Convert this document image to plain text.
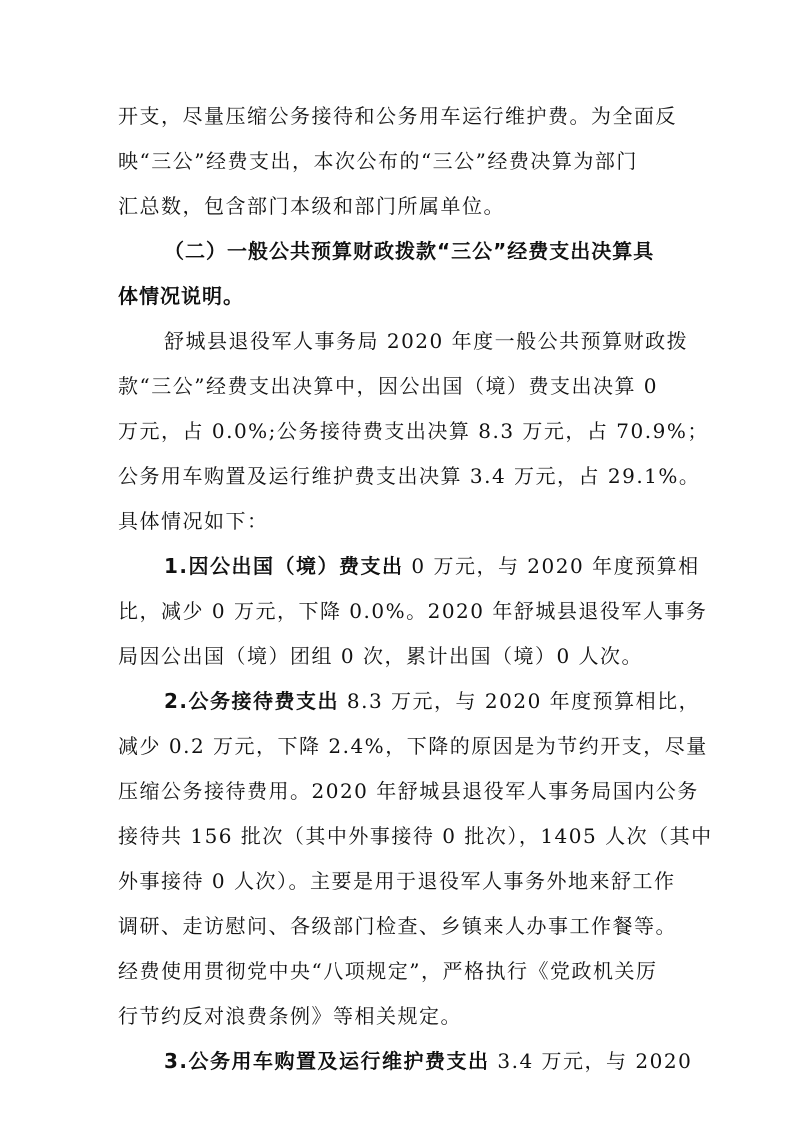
开支，尽量压缩公务接待和公务用车运行维护费。为全面反
映“三公”经费支出，本次公布的“三公”经费决算为部门
汇总数，包含部门本级和部门所属单位。
（二）一般公共预算财政拨款“三公”经费支出决算具
体情况说明。
舒城县退役军人事务局 2020 年度一般公共预算财政拨
款“三公”经费支出决算中，因公出国（境）费支出决算 0
万元，占 0.0%;公务接待费支出决算 8.3 万元，占 70.9%；
公务用车购置及运行维护费支出决算 3.4 万元，占 29.1%。
具体情况如下：
1.因公出国（境）费支出 0 万元，与 2020 年度预算相
比，减少 0 万元，下降 0.0%。2020 年舒城县退役军人事务
局因公出国（境）团组 0 次，累计出国（境）0 人次。
2.公务接待费支出 8.3 万元，与 2020 年度预算相比，
减少 0.2 万元，下降 2.4%，下降的原因是为节约开支，尽量
压缩公务接待费用。2020 年舒城县退役军人事务局国内公务
接待共 156 批次（其中外事接待 0 批次），1405 人次（其中
外事接待 0 人次）。主要是用于退役军人事务外地来舒工作
调研、走访慰问、各级部门检查、乡镇来人办事工作餐等。
经费使用贯彻党中央“八项规定”，严格执行《党政机关厉
行节约反对浪费条例》等相关规定。
3.公务用车购置及运行维护费支出 3.4 万元，与 2020
